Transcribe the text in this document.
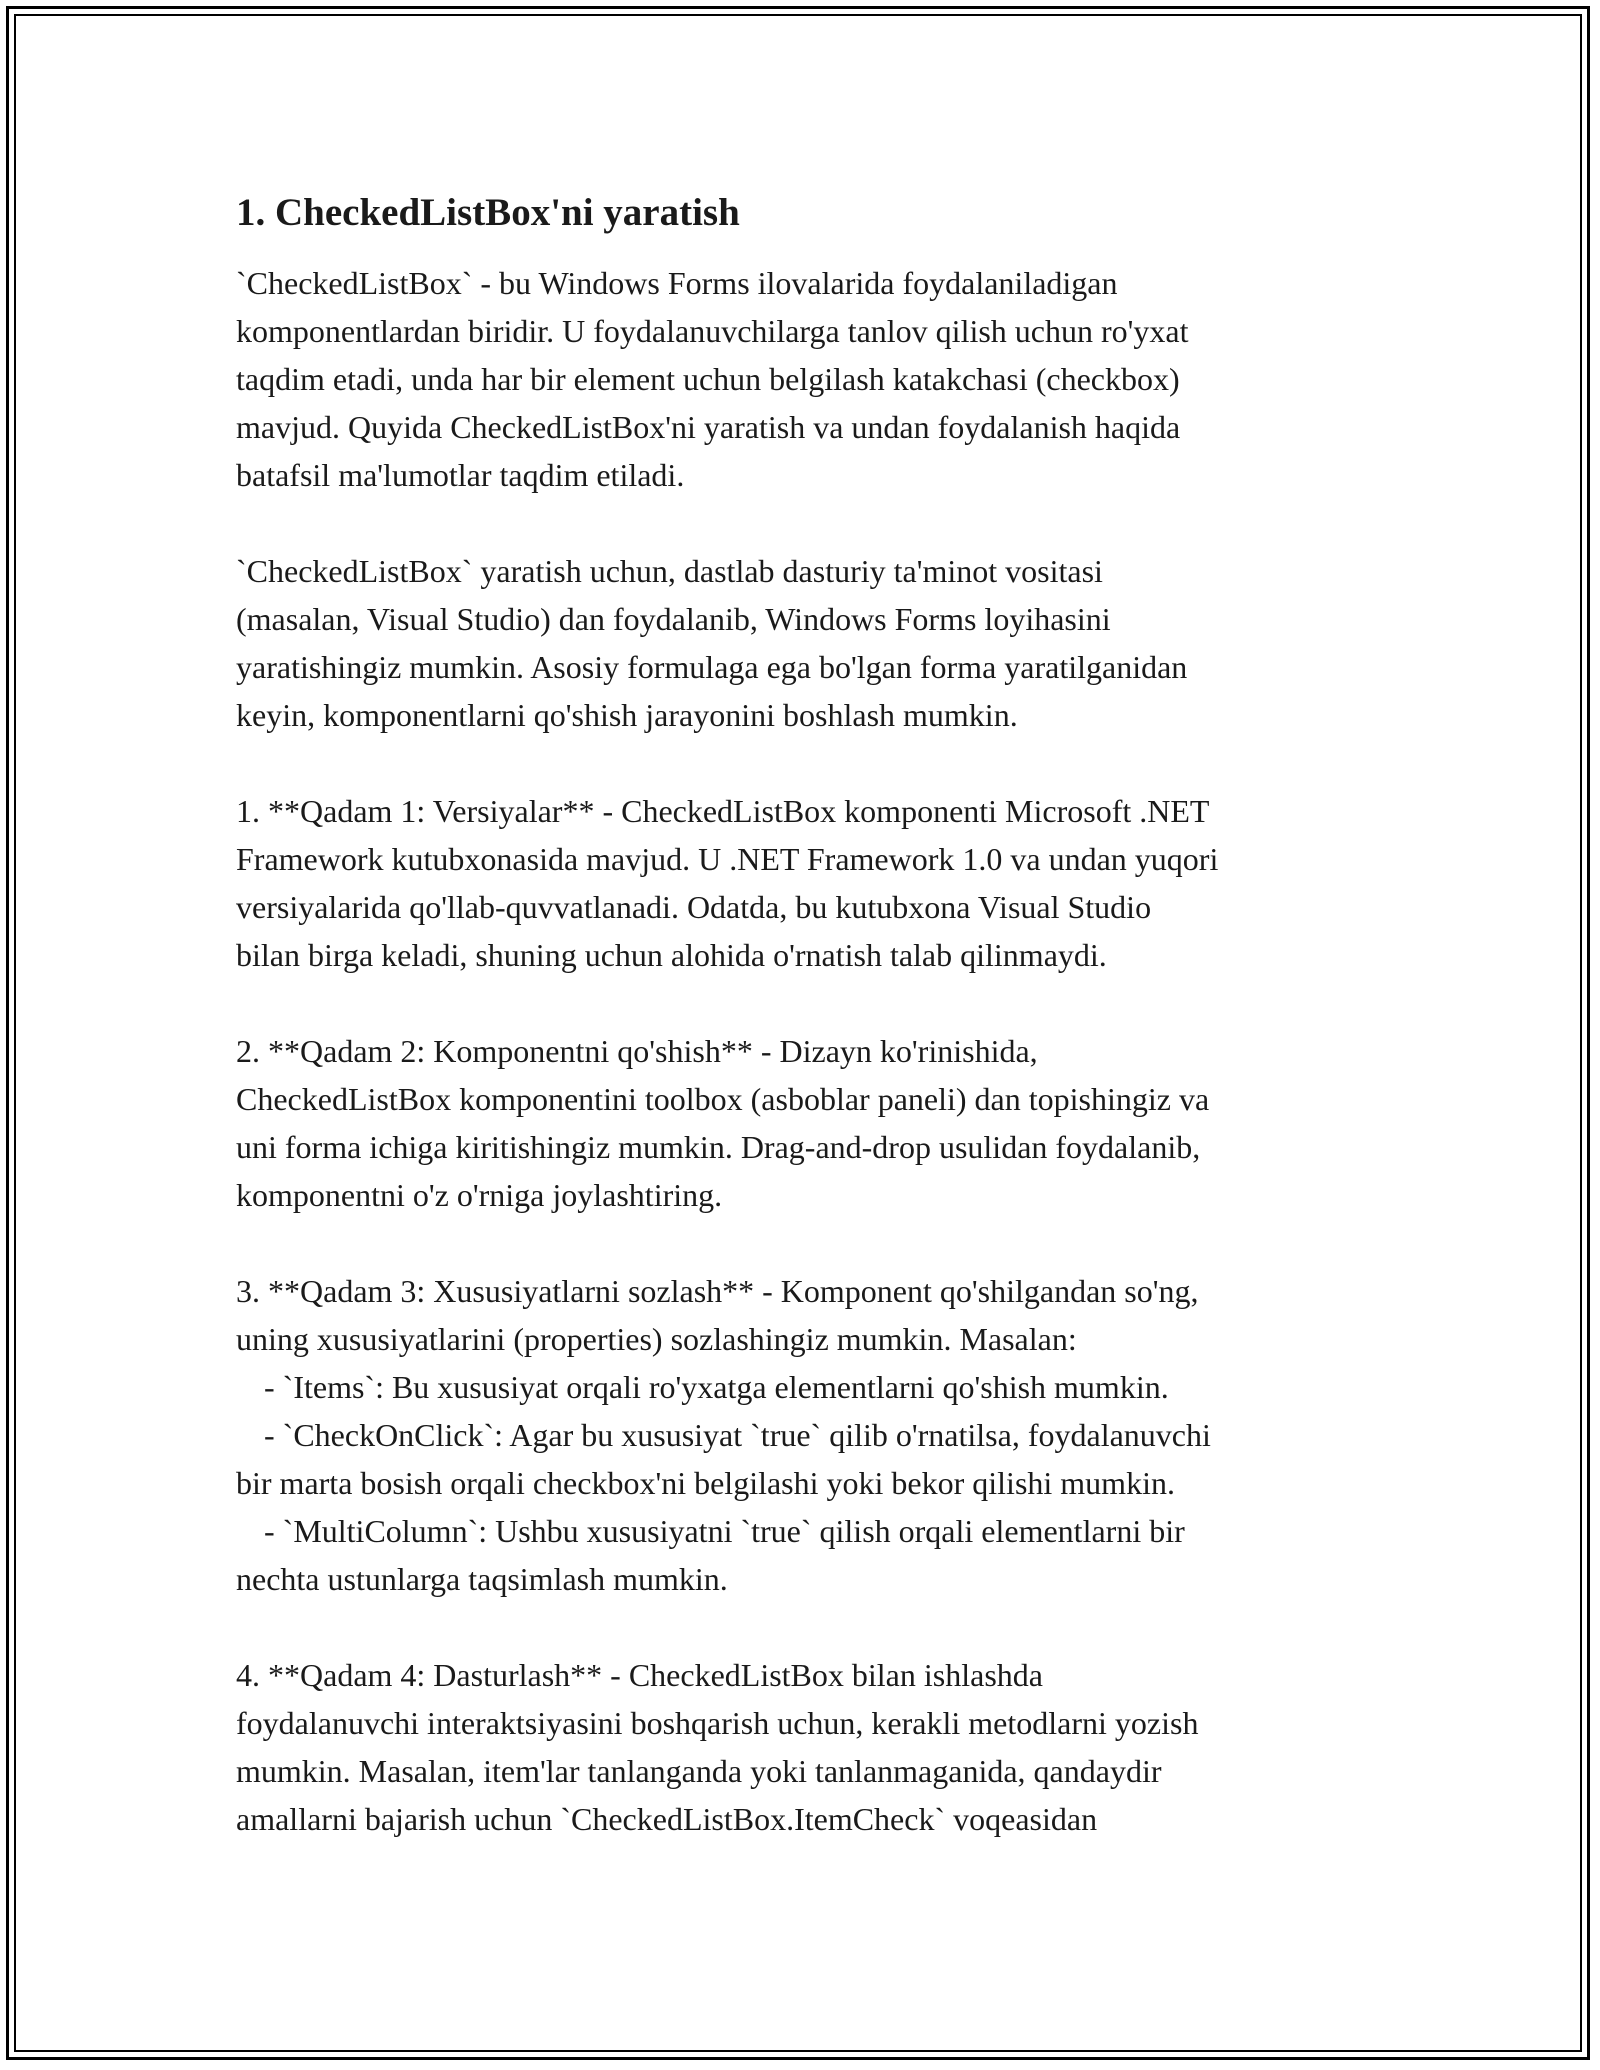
1. CheckedListBox'ni yaratish
`CheckedListBox` - bu Windows Forms ilovalarida foydalaniladigan
komponentlardan biridir. U foydalanuvchilarga tanlov qilish uchun ro'yxat
taqdim etadi, unda har bir element uchun belgilash katakchasi (checkbox)
mavjud. Quyida CheckedListBox'ni yaratish va undan foydalanish haqida
batafsil ma'lumotlar taqdim etiladi.
`CheckedListBox` yaratish uchun, dastlab dasturiy ta'minot vositasi
(masalan, Visual Studio) dan foydalanib, Windows Forms loyihasini
yaratishingiz mumkin. Asosiy formulaga ega bo'lgan forma yaratilganidan
keyin, komponentlarni qo'shish jarayonini boshlash mumkin.
1. **Qadam 1: Versiyalar** - CheckedListBox komponenti Microsoft .NET
Framework kutubxonasida mavjud. U .NET Framework 1.0 va undan yuqori
versiyalarida qo'llab-quvvatlanadi. Odatda, bu kutubxona Visual Studio
bilan birga keladi, shuning uchun alohida o'rnatish talab qilinmaydi.
2. **Qadam 2: Komponentni qo'shish** - Dizayn ko'rinishida,
CheckedListBox komponentini toolbox (asboblar paneli) dan topishingiz va
uni forma ichiga kiritishingiz mumkin. Drag-and-drop usulidan foydalanib,
komponentni o'z o'rniga joylashtiring.
3. **Qadam 3: Xususiyatlarni sozlash** - Komponent qo'shilgandan so'ng,
uning xususiyatlarini (properties) sozlashingiz mumkin. Masalan:
- `Items`: Bu xususiyat orqali ro'yxatga elementlarni qo'shish mumkin.
- `CheckOnClick`: Agar bu xususiyat `true` qilib o'rnatilsa, foydalanuvchi
bir marta bosish orqali checkbox'ni belgilashi yoki bekor qilishi mumkin.
- `MultiColumn`: Ushbu xususiyatni `true` qilish orqali elementlarni bir
nechta ustunlarga taqsimlash mumkin.
4. **Qadam 4: Dasturlash** - CheckedListBox bilan ishlashda
foydalanuvchi interaktsiyasini boshqarish uchun, kerakli metodlarni yozish
mumkin. Masalan, item'lar tanlanganda yoki tanlanmaganida, qandaydir
amallarni bajarish uchun `CheckedListBox.ItemCheck` voqeasidan
